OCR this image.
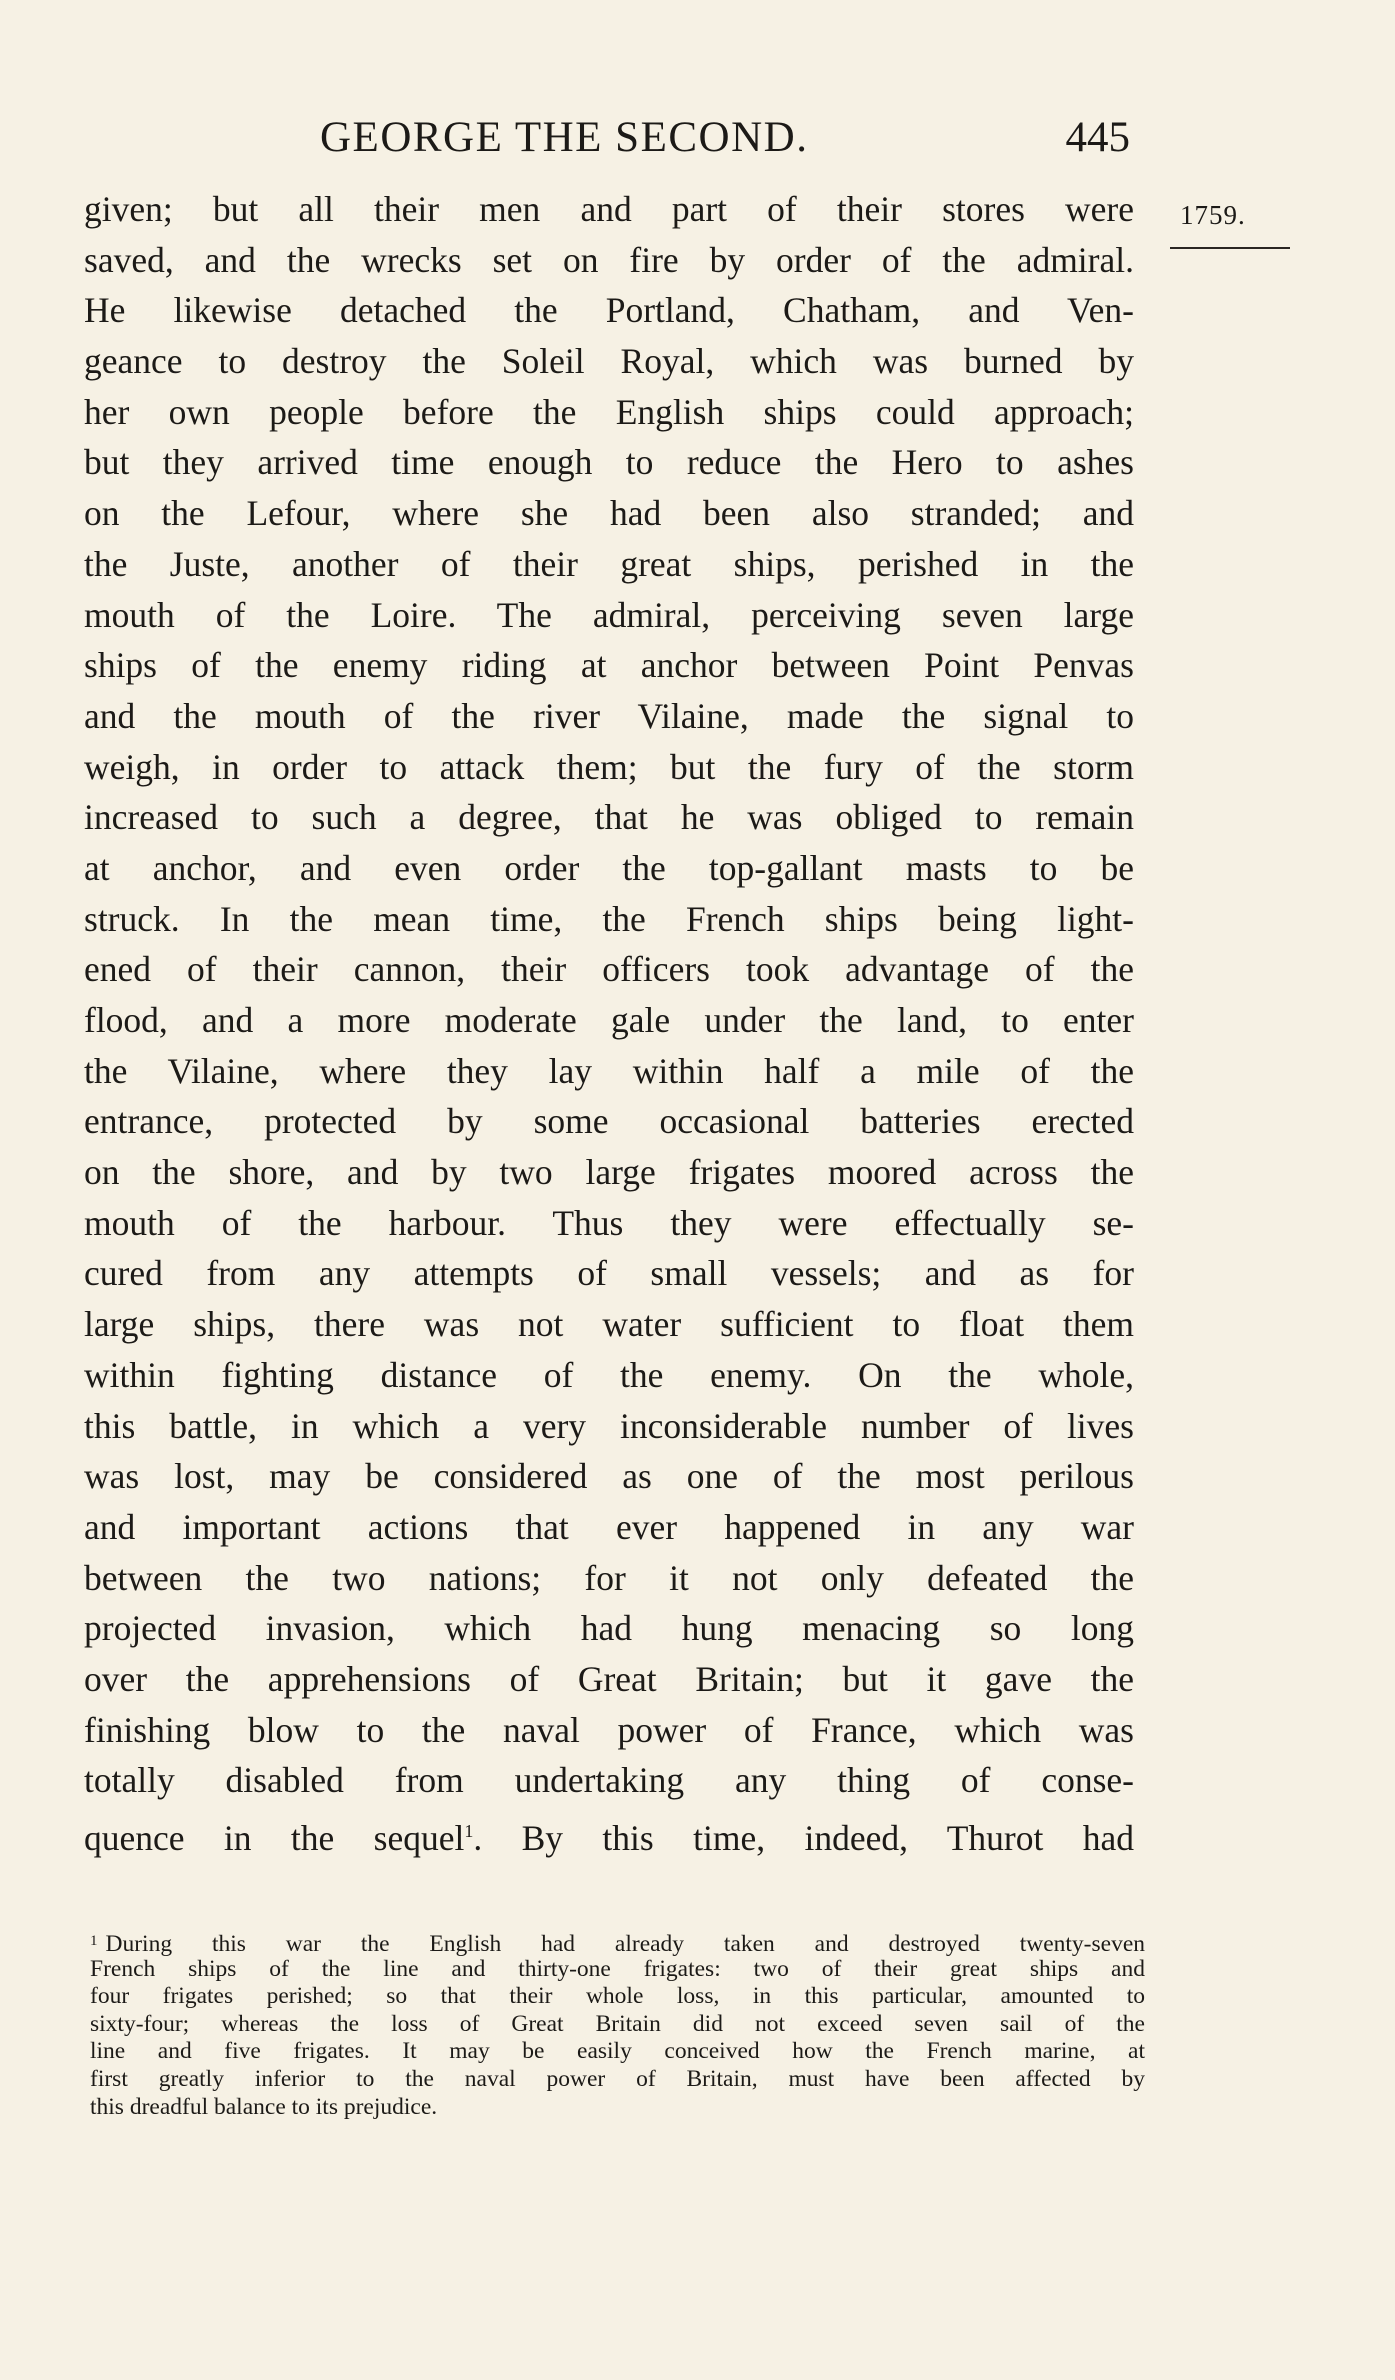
GEORGE THE SECOND.	445
1759.
given; but all their men and part of their stores were
saved, and the wrecks set on fire by order of the admiral.
He likewise detached the Portland, Chatham, and Ven-
geance to destroy the Soleil Royal, which was burned by
her own people before the English ships could approach;
but they arrived time enough to reduce the Hero to ashes
on the Lefour, where she had been also stranded; and
the Juste, another of their great ships, perished in the
mouth of the Loire. The admiral, perceiving seven large
ships of the enemy riding at anchor between Point Penvas
and the mouth of the river Vilaine, made the signal to
weigh, in order to attack them; but the fury of the storm
increased to such a degree, that he was obliged to remain
at anchor, and even order the top-gallant masts to be
struck. In the mean time, the French ships being light-
ened of their cannon, their officers took advantage of the
flood, and a more moderate gale under the land, to enter
the Vilaine, where they lay within half a mile of the
entrance, protected by some occasional batteries erected
on the shore, and by two large frigates moored across the
mouth of the harbour. Thus they were effectually se-
cured from any attempts of small vessels; and as for
large ships, there was not water sufficient to float them
within fighting distance of the enemy. On the whole,
this battle, in which a very inconsiderable number of lives
was lost, may be considered as one of the most perilous
and important actions that ever happened in any war
between the two nations; for it not only defeated the
projected invasion, which had hung menacing so long
over the apprehensions of Great Britain; but it gave the
finishing blow to the naval power of France, which was
totally disabled from undertaking any thing of conse-
quence in the sequel$^1$. By this time, indeed, Thurot had
$^1$ During this war the English had already taken and destroyed twenty-seven
French ships of the line and thirty-one frigates: two of their great ships and
four frigates perished; so that their whole loss, in this particular, amounted to
sixty-four; whereas the loss of Great Britain did not exceed seven sail of the
line and five frigates. It may be easily conceived how the French marine, at
first greatly inferior to the naval power of Britain, must have been affected by
this dreadful balance to its prejudice.
